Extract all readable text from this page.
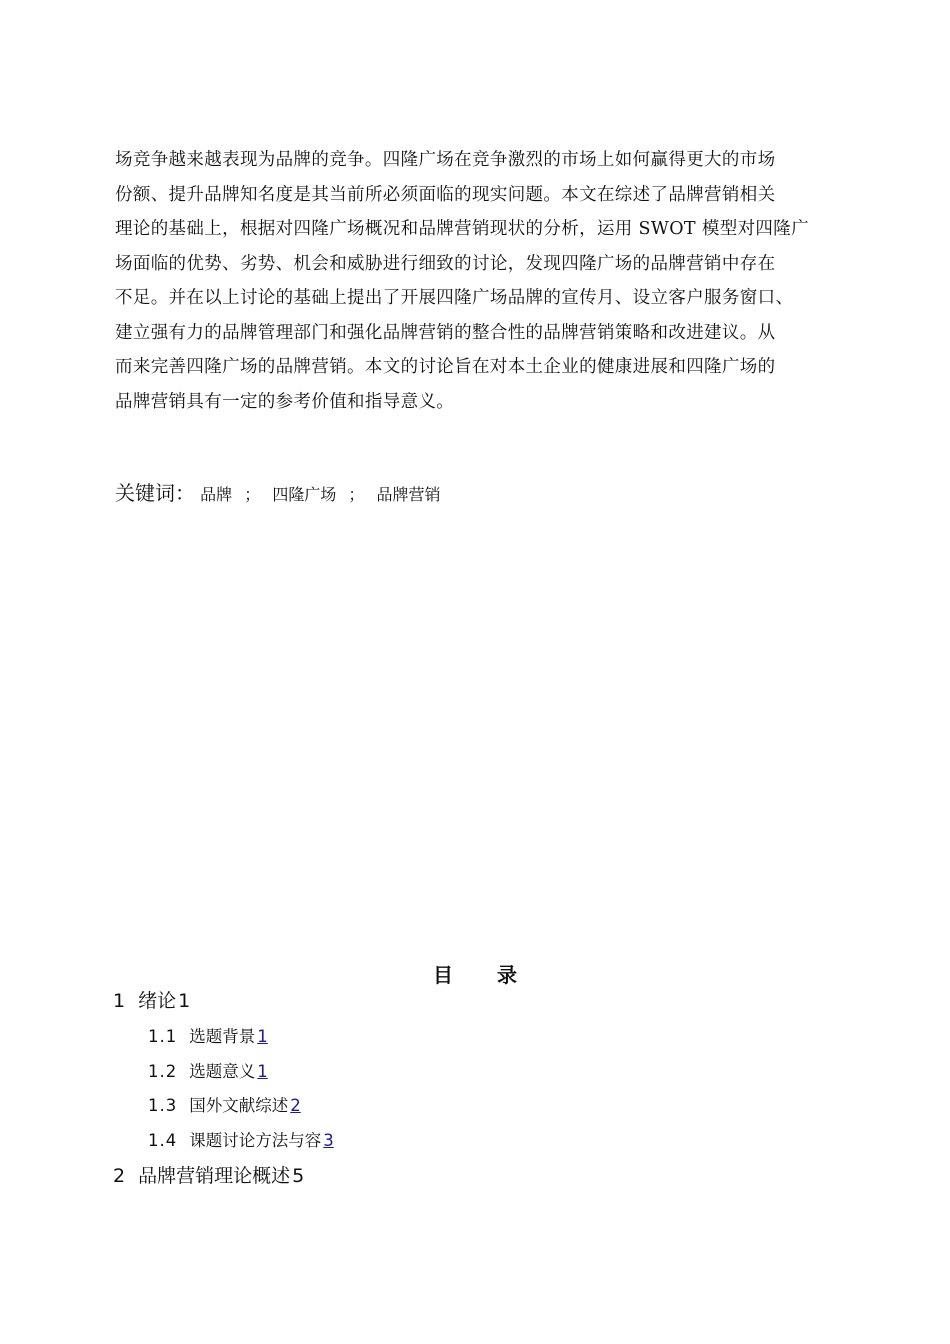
场竞争越来越表现为品牌的竞争。四隆广场在竞争激烈的市场上如何赢得更大的市场
份额、提升品牌知名度是其当前所必须面临的现实问题。本文在综述了品牌营销相关
理论的基础上，根据对四隆广场概况和品牌营销现状的分析，运用 SWOT 模型对四隆广
场面临的优势、劣势、机会和威胁进行细致的讨论，发现四隆广场的品牌营销中存在
不足。并在以上讨论的基础上提出了开展四隆广场品牌的宣传月、设立客户服务窗口、
建立强有力的品牌管理部门和强化品牌营销的整合性的品牌营销策略和改进建议。从
而来完善四隆广场的品牌营销。本文的讨论旨在对本土企业的健康进展和四隆广场的
品牌营销具有一定的参考价值和指导意义。
关键词： 品牌 ； 四隆广场 ； 品牌营销
目 录
1 绪论 1
1.1 选题背景 1
1.2 选题意义 1
1.3 国外文献综述 2
1.4 课题讨论方法与容 3
2 品牌营销理论概述 5
